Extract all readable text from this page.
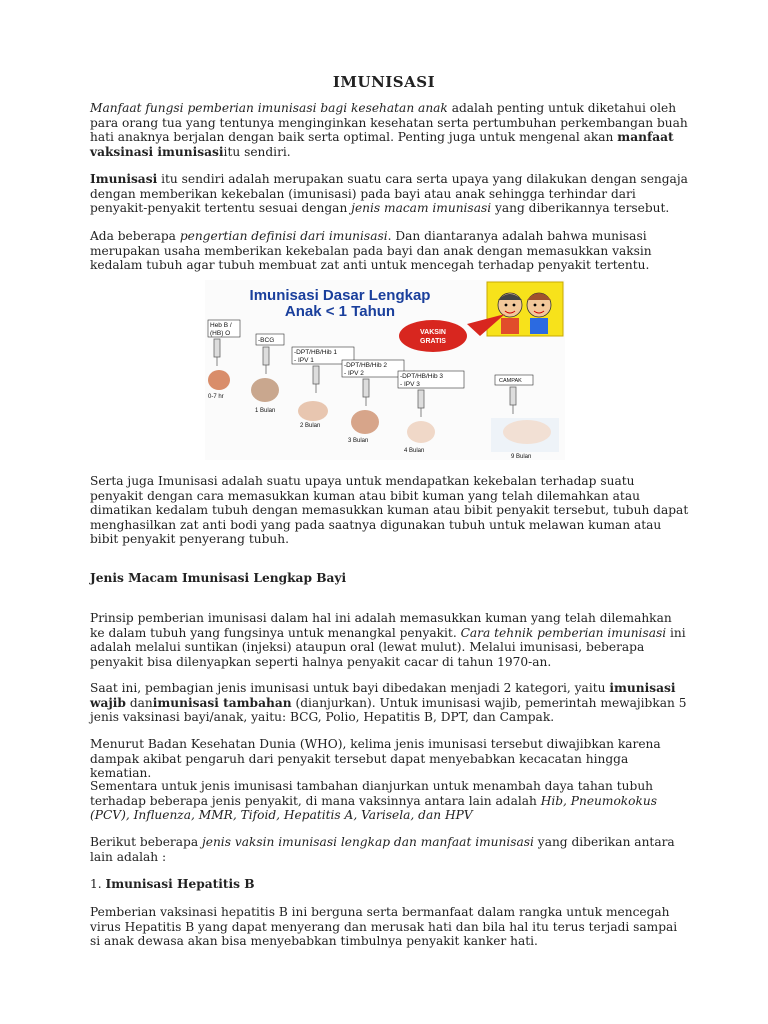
IMUNISASI

Manfaat fungsi pemberian imunisasi bagi kesehatan anak adalah penting untuk diketahui oleh para orang tua yang tentunya menginginkan kesehatan serta pertumbuhan perkembangan buah hati anaknya berjalan dengan baik serta optimal. Penting juga untuk mengenal akan manfaat vaksinasi imunisasiitu sendiri.

Imunisasi itu sendiri adalah merupakan suatu cara serta upaya yang dilakukan dengan sengaja dengan memberikan kekebalan (imunisasi) pada bayi atau anak sehingga terhindar dari penyakit-penyakit tertentu sesuai dengan jenis macam imunisasi yang diberikannya tersebut.

Ada beberapa pengertian definisi dari imunisasi. Dan diantaranya adalah bahwa munisasi merupakan usaha memberikan kekebalan pada bayi dan anak dengan memasukkan vaksin kedalam tubuh agar tubuh membuat zat anti untuk mencegah terhadap penyakit tertentu.

Imunisasi Dasar Lengkap
Anak < 1 Tahun
VAKSIN
GRATIS
Heb B /
(HB) O
-BCG
-DPT/HB/Hib 1
- IPV 1
-DPT/HB/Hib 2
- IPV 2	-DPT/HB/Hib 3
- IPV 3	CAMPAK
0-7 hr
1 Bulan
2 Bulan
3 Bulan
4 Bulan
9 Bulan

Serta juga Imunisasi adalah suatu upaya untuk mendapatkan kekebalan terhadap suatu penyakit dengan cara memasukkan kuman atau bibit kuman yang telah dilemahkan atau dimatikan kedalam tubuh dengan memasukkan kuman atau bibit penyakit tersebut, tubuh dapat menghasilkan zat anti bodi yang pada saatnya digunakan tubuh untuk melawan kuman atau bibit penyakit penyerang tubuh.

Jenis Macam Imunisasi Lengkap Bayi

Prinsip pemberian imunisasi dalam hal ini adalah memasukkan kuman yang telah dilemahkan ke dalam tubuh yang fungsinya untuk menangkal penyakit. Cara tehnik pemberian imunisasi ini adalah melalui suntikan (injeksi) ataupun oral (lewat mulut). Melalui imunisasi, beberapa penyakit bisa dilenyapkan seperti halnya penyakit cacar di tahun 1970-an.

Saat ini, pembagian jenis imunisasi untuk bayi dibedakan menjadi 2 kategori, yaitu imunisasi wajib danimunisasi tambahan (dianjurkan). Untuk imunisasi wajib, pemerintah mewajibkan 5 jenis vaksinasi bayi/anak, yaitu: BCG, Polio, Hepatitis B, DPT, dan Campak.

Menurut Badan Kesehatan Dunia (WHO), kelima jenis imunisasi tersebut diwajibkan karena dampak akibat pengaruh dari penyakit tersebut dapat menyebabkan kecacatan hingga kematian.

Sementara untuk jenis imunisasi tambahan dianjurkan untuk menambah daya tahan tubuh terhadap beberapa jenis penyakit, di mana vaksinnya antara lain adalah Hib, Pneumokokus (PCV), Influenza, MMR, Tifoid, Hepatitis A, Varisela, dan HPV

Berikut beberapa jenis vaksin imunisasi lengkap dan manfaat imunisasi yang diberikan antara lain adalah :

1. Imunisasi Hepatitis B

Pemberian vaksinasi hepatitis B ini berguna serta bermanfaat dalam rangka untuk mencegah virus Hepatitis B yang dapat menyerang dan merusak hati dan bila hal itu terus terjadi sampai si anak dewasa akan bisa menyebabkan timbulnya penyakit kanker hati.
